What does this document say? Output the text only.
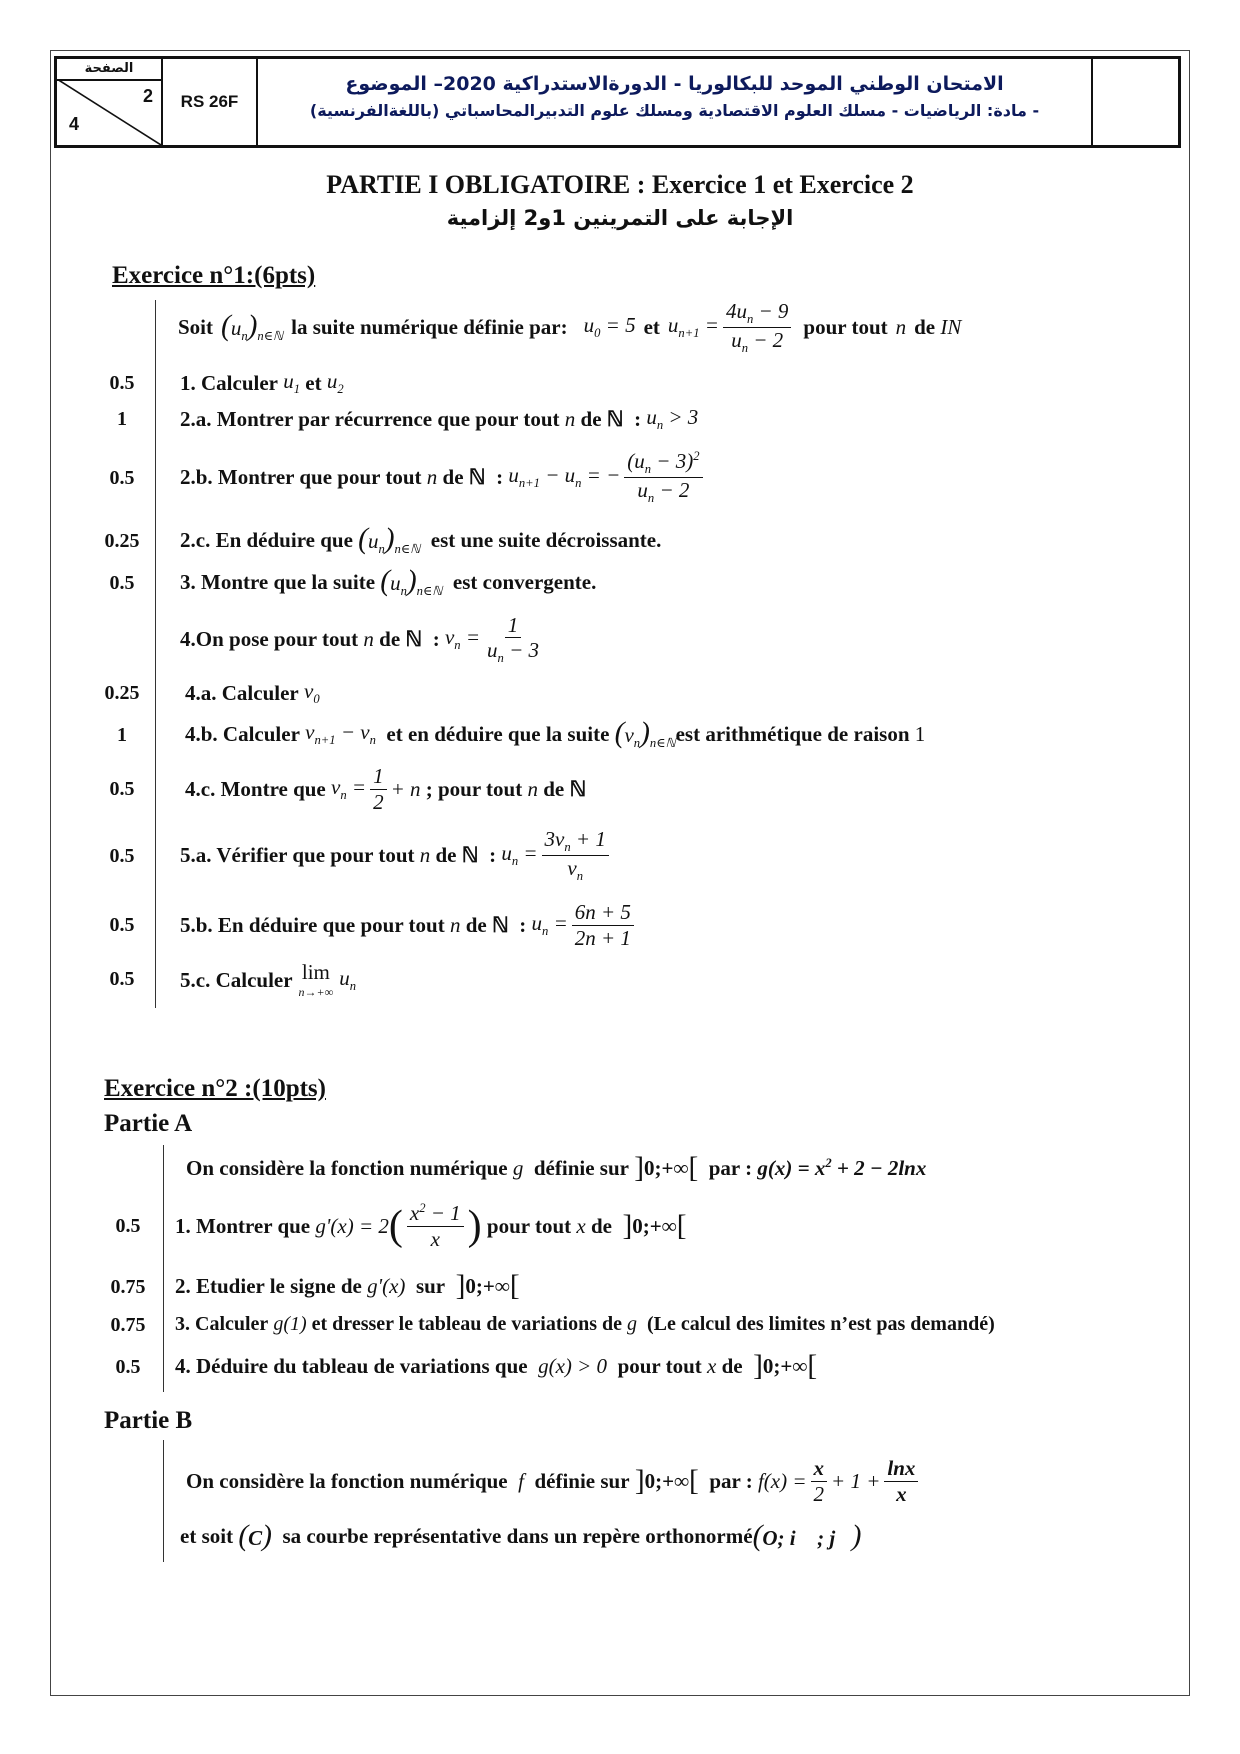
الصفحة
2
4
RS 26F
الامتحان الوطني الموحد للبكالوريا - الدورةالاستدراكية 2020– الموضوع
- مادة: الرياضيات - مسلك العلوم الاقتصادية ومسلك علوم التدبيرالمحاسباتي (باللغةالفرنسية)
PARTIE I OBLIGATOIRE : Exercice 1 et Exercice 2
الإجابة على التمرينين 1و2 إلزامية
Exercice n°1:(6pts)
Soit $(u_n)_{n\in ℕ}$ la suite numérique définie par: $u_0 = 5$ et $u_{n+1} = \frac{4u_n - 9}{u_n - 2}$ pour tout n de IN
0.5	1. Calculer
$u_1$ et $u_2$
1	2.a. Montrer par récurrence que pour tout
n de ℕ  : $u_n > 3$
0.5	2.b. Montrer que pour tout
n de ℕ  : $u_{n+1} - u_n$ = − $\frac{(u_n - 3)^2}{u_n - 2}$
0.25	2.c. En déduire que
$(u_n)_{n\in ℕ}$
est une suite décroissante.
0.5	3. Montre que la suite
$(u_n)_{n\in ℕ}$
est convergente.
4.On pose pour tout
n de ℕ  : $v_n = \frac{1}{u_n - 3}$
0.25	4.a. Calculer
$v_0$
1	4.b. Calculer
$v_{n+1} - v_n$
et en déduire que la suite
$(v_n)_{n\in ℕ}$ est arithmétique de raison
1
0.5	4.c. Montre que
$v_n = \frac{1}{2} + n$
; pour tout
n de ℕ
0.5	5.a. Vérifier que pour tout
n de ℕ  : $u_n = \frac{3v_n + 1}{v_n}$
0.5	5.b. En déduire que pour tout
n de ℕ  : $u_n = \frac{6n + 5}{2n + 1}$
0.5	5.c. Calculer lim
n→+∞
$u_n$
Exercice n°2 :(10pts)
Partie A
On considère la fonction numérique
g
définie sur
] 0;+∞ [
par :
$g(x) = x^2 + 2 - 2\ln x$
0.5	1. Montrer que
g'(x) = 2 ( $\frac{x^2 - 1}{x}$ )
pour tout
x de ] 0;+∞ [
0.75	2. Etudier le signe de
g'(x)
sur
] 0;+∞ [
0.75	3. Calculer
g(1)
et dresser le tableau de variations de
g
(Le calcul des limites n’est pas demandé)
0.5	4. Déduire du tableau de variations que
g(x) > 0
pour tout
x de ] 0;+∞ [
Partie B
On considère la fonction numérique
f
définie sur
] 0;+∞ [
par :
$f(x) = \frac{x}{2} + 1 + \frac{\ln x}{x}$
et soit
(C)
sa courbe représentative dans un repère orthonormé (O; i⃗ ; j⃗)
